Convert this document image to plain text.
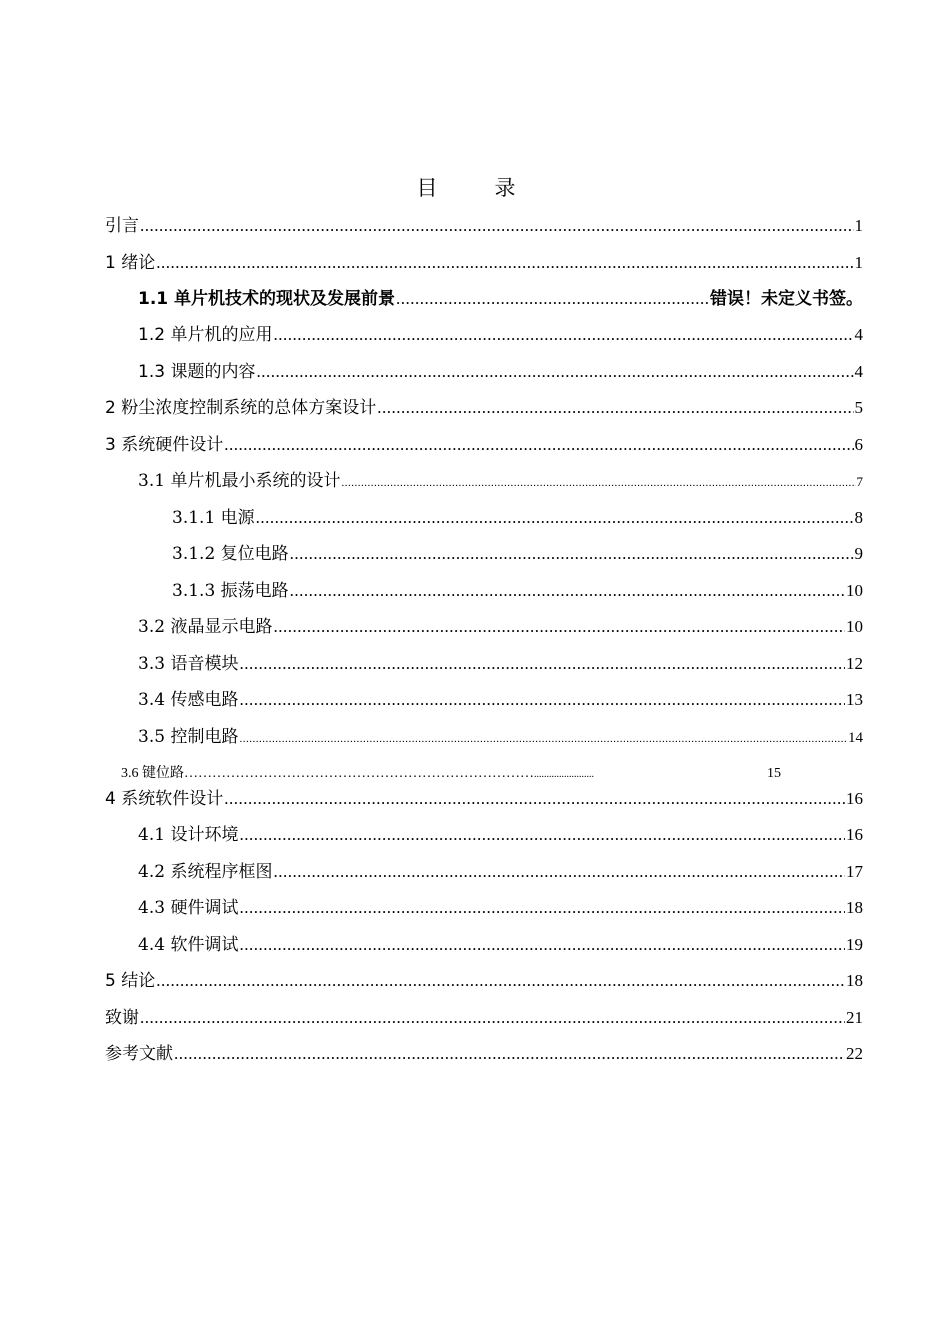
目　录
引言 .....	1
1 绪论 .....	1
1.1 单片机技术的现状及发展前景 .....	错误！未定义书签。
1.2 单片机的应用 .....	4
1.3 课题的内容 .....	4
2 粉尘浓度控制系统的总体方案设计 .....	5
3 系统硬件设计 .....	6
3.1 单片机最小系统的设计 .....	7
3.1.1 电源 .....	8
3.1.2 复位电路 .....	9
3.1.3 振荡电路 .....	10
3.2 液晶显示电路 .....	10
3.3 语音模块 .....	12
3.4 传感电路 .....	13
3.5 控制电路 .....	14
3.6 键位路…………………………………………………………………........................	15
4 系统软件设计 .....	16
4.1 设计环境 .....	16
4.2 系统程序框图 .....	17
4.3 硬件调试 .....	18
4.4 软件调试 .....	19
5 结论 .....	18
致谢 .....	21
参考文献 .....	22
